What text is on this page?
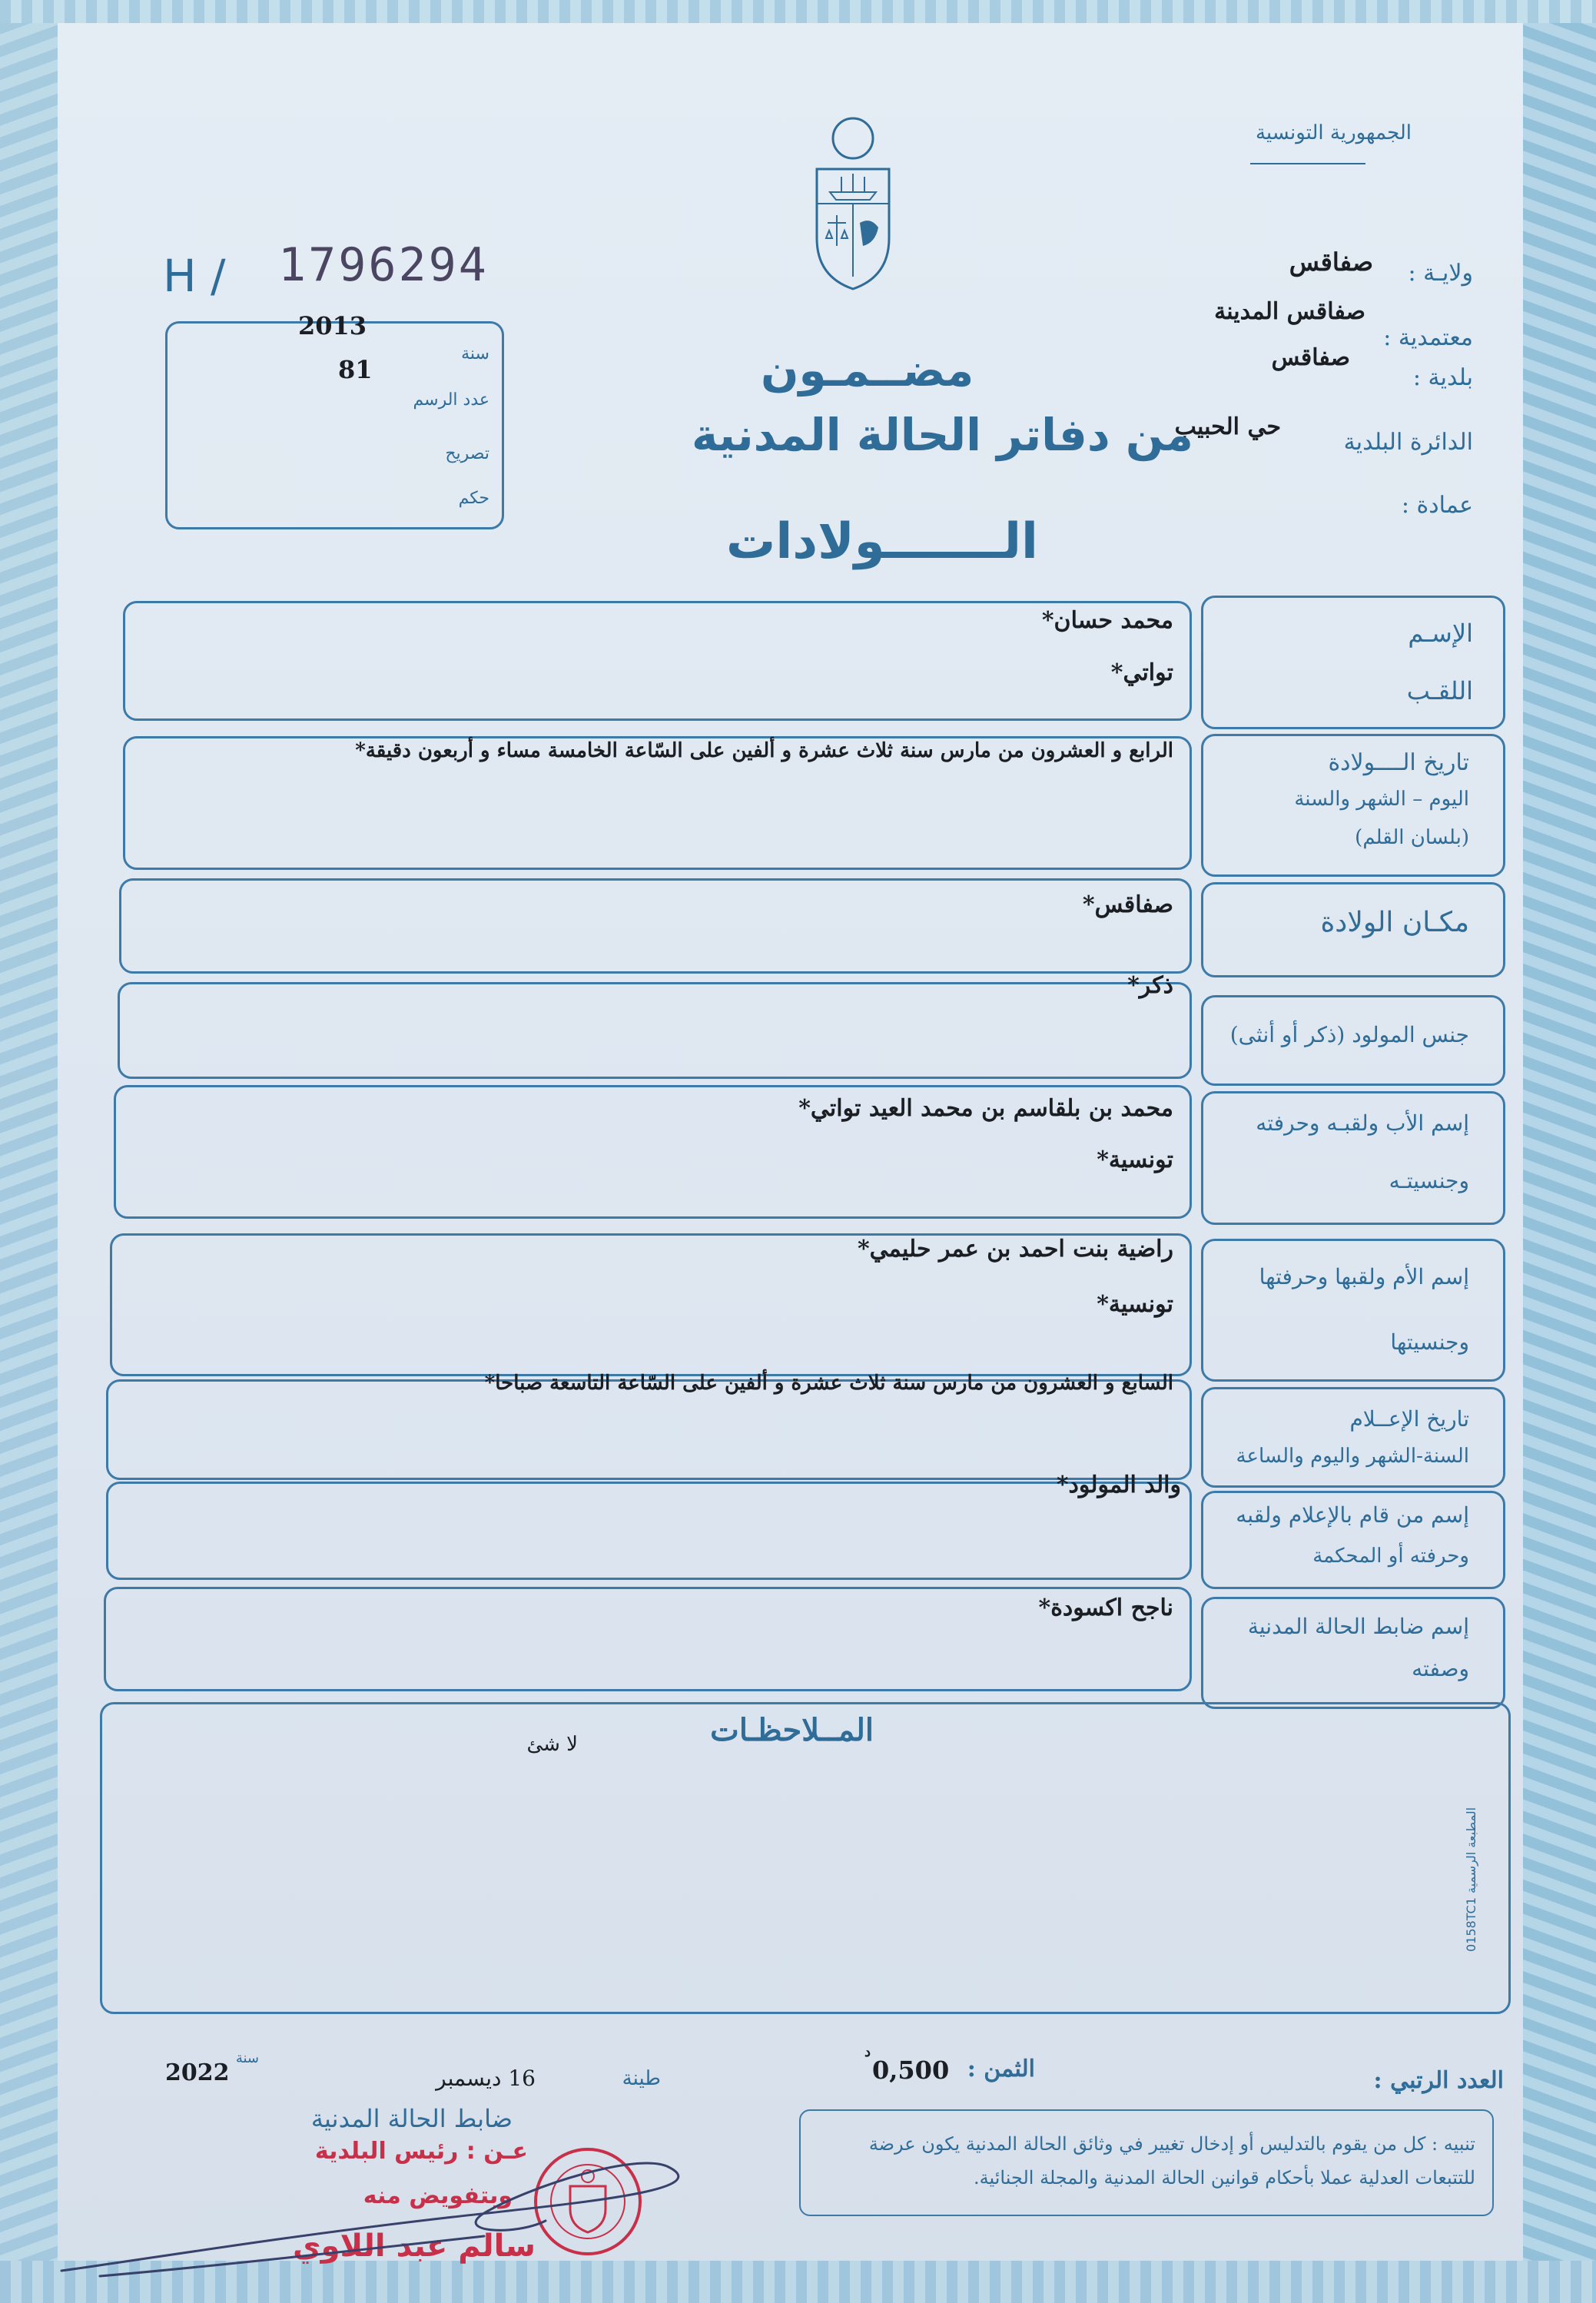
الجمهورية التونسية
H / 1796294
2013
سنة
81
عدد الرسم
تصريح
حكم
ولايـة :
صفاقس
صفاقس المدينة
معتمدية :
صفاقس
بلدية :
الدائرة البلدية
حي الحبيب
عمادة :
مضــمـون
من دفاتر الحالة المدنية
الـــــــولادات
الإسـم
اللقـب
محمد حسان*
تواتي*
تاريخ الــــولادة
اليوم – الشهر والسنة
(بلسان القلم)
الرابع و العشرون من مارس سنة ثلاث عشرة و ألفين على السّاعة الخامسة مساء و أربعون دقيقة*
مكـان الولادة
صفاقس*
جنس المولود (ذكر أو أنثى)
ذكر*
إسم الأب ولقبـه وحرفته
وجنسيتـه
محمد بن بلقاسم بن محمد العيد تواتي*
تونسية*
إسم الأم ولقبها وحرفتها
وجنسيتها
راضية بنت احمد بن عمر حليمي*
تونسية*
تاريخ الإعــلام
السنة-الشهر واليوم والساعة
السابع و العشرون من مارس سنة ثلاث عشرة و ألفين على السّاعة التاسعة صباحا*
إسم من قام بالإعلام ولقبه
وحرفته أو المحكمة
والد المولود*
إسم ضابط الحالة المدنية
وصفته
ناجح اكسودة*
المــلاحظـات
لا شئ
المطبعة الرسمية 0158TC1
العدد الرتبي :
الثمن :
0,500
د
طينة
16 ديسمبر
سنة
2022
ضابط الحالة المدنية
تنبيه : كل من يقوم بالتدليس أو إدخال تغيير في وثائق الحالة المدنية يكون عرضة للتتبعات العدلية عملا بأحكام قوانين الحالة المدنية والمجلة الجنائية.
عـن : رئيس البلدية
وبتفويض منه
سالم عبد اللاوي
